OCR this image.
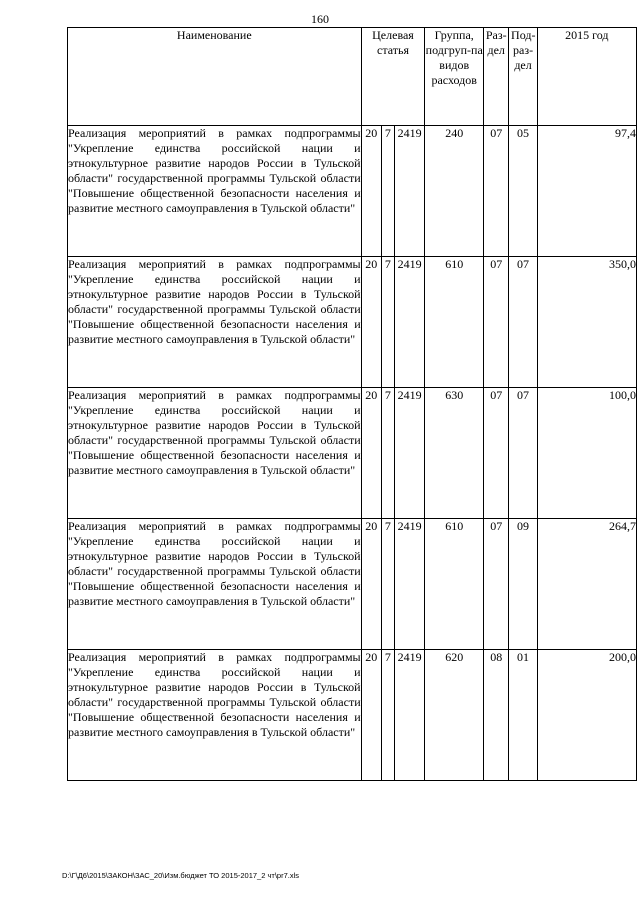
160
Наименование	Целевая статья			Группа, подгруп-па видов расходов	Раз-дел	Под-раз-дел	2015 год
Реализация мероприятий в рамках подпрограммы "Укрепление единства российской нации и этнокультурное развитие народов России в Тульской области" государственной программы Тульской области "Повышение общественной безопасности населения и развитие местного самоуправления в Тульской области"	20	7	2419	240	07	05	97,4
Реализация мероприятий в рамках подпрограммы "Укрепление единства российской нации и этнокультурное развитие народов России в Тульской области" государственной программы Тульской области "Повышение общественной безопасности населения и развитие местного самоуправления в Тульской области"	20	7	2419	610	07	07	350,0
Реализация мероприятий в рамках подпрограммы "Укрепление единства российской нации и этнокультурное развитие народов России в Тульской области" государственной программы Тульской области "Повышение общественной безопасности населения и развитие местного самоуправления в Тульской области"	20	7	2419	630	07	07	100,0
Реализация мероприятий в рамках подпрограммы "Укрепление единства российской нации и этнокультурное развитие народов России в Тульской области" государственной программы Тульской области "Повышение общественной безопасности населения и развитие местного самоуправления в Тульской области"	20	7	2419	610	07	09	264,7
Реализация мероприятий в рамках подпрограммы "Укрепление единства российской нации и этнокультурное развитие народов России в Тульской области" государственной программы Тульской области "Повышение общественной безопасности населения и развитие местного самоуправления в Тульской области"	20	7	2419	620	08	01	200,0
D:\Г\Д6\2015\ЗАКОН\ЗАС_20\Изм.бюджет ТО 2015-2017_2 чт\pr7.xls
